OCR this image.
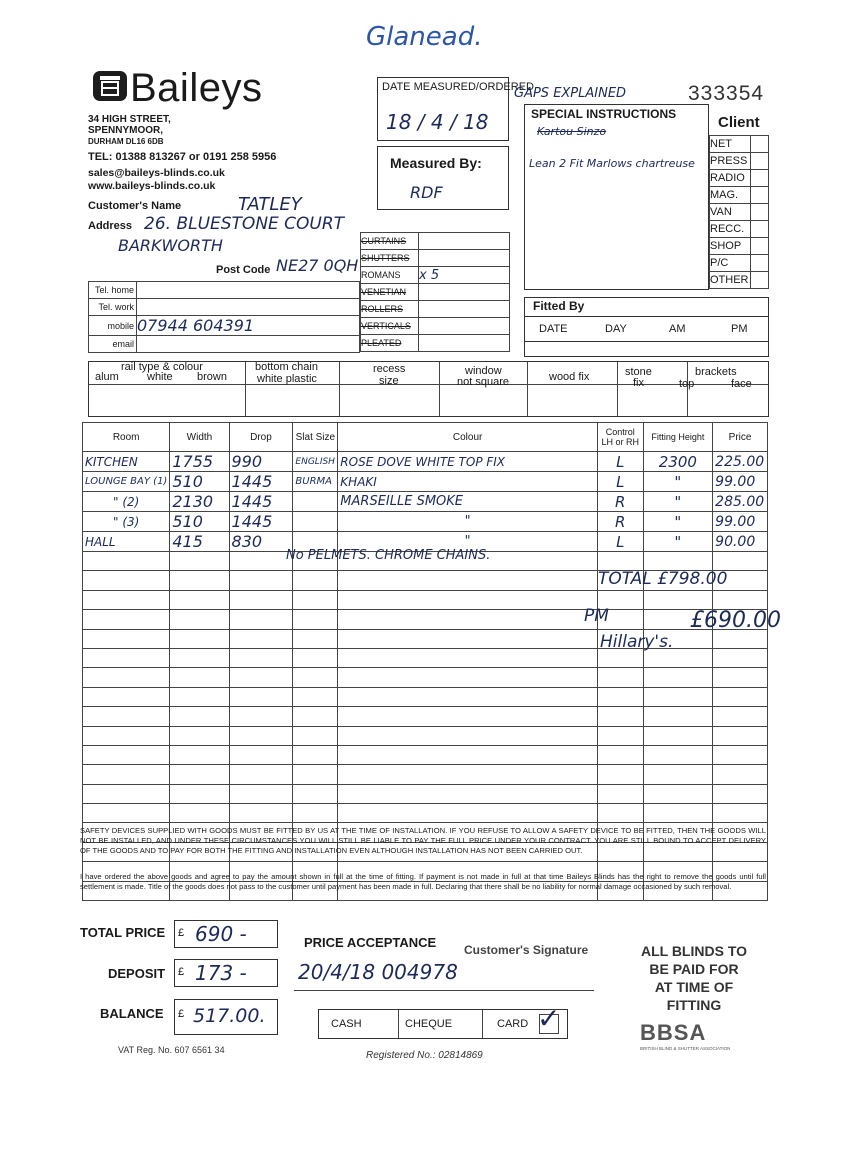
Glanead.
Baileys
34 HIGH STREET,
SPENNYMOOR,
DURHAM DL16 6DB
TEL: 01388 813267 or 0191 258 5956
sales@baileys-blinds.co.uk
www.baileys-blinds.co.uk
DATE MEASURED/ORDERED
18 / 4 / 18
Measured By:
RDF
GAPS EXPLAINED	333354
SPECIAL INSTRUCTIONS
Kartou Sinzo
Lean 2 Fit Marlows chartreuse
Client
NET	
PRESS	
RADIO	
MAG.	
VAN	
RECC.	
SHOP	
P/C	
OTHER	
Customer's Name	TATLEY
Address 26. BLUESTONE COURT
BARKWORTH
Post Code NE27 0QH
Tel. home	
Tel. work	
mobile	07944 604391
email	
CURTAINS	
SHUTTERS	
ROMANS	x 5
VENETIAN	
ROLLERS	
VERTICALS	
PLEATED	
Fitted By
DATE	DAY	AM	PM
rail type & colour
alum	white brown
bottom chain
white plastic
recess
size
window
not square	wood fix	stone
fix
brackets
top	face
Room	Width	Drop	Slat Size	Colour	Control LH or RH	Fitting Height	Price
KITCHEN	1755	990	ENGLISH	ROSE DOVE WHITE TOP FIX	L	2300	225.00
LOUNGE BAY (1)	510	1445	BURMA	KHAKI	L	"	99.00
" (2)	2130	1445		MARSEILLE SMOKE	R	"	285.00
" (3)	510	1445		"	R	"	99.00
HALL	415	830		"	L	"	90.00

No PELMETS. CHROME CHAINS.
TOTAL £798.00
PM	£690.00
Hillary's.
SAFETY DEVICES SUPPLIED WITH GOODS MUST BE FITTED BY US AT THE TIME OF INSTALLATION. IF YOU REFUSE TO ALLOW A SAFETY DEVICE TO BE FITTED, THEN THE GOODS WILL NOT BE INSTALLED, AND UNDER THESE CIRCUMSTANCES YOU WILL STILL BE LIABLE TO PAY THE FULL PRICE UNDER YOUR CONTRACT. YOU ARE STILL BOUND TO ACCEPT DELIVERY OF THE GOODS AND TO PAY FOR BOTH THE FITTING AND INSTALLATION EVEN ALTHOUGH INSTALLATION HAS NOT BEEN CARRIED OUT.
I have ordered the above goods and agree to pay the amount shown in full at the time of fitting. If payment is not made in full at that time Baileys Blinds has the right to remove the goods until full settlement is made. Title of the goods does not pass to the customer until payment has been made in full. Declaring that there shall be no liability for normal damage occasioned by such removal.
TOTAL PRICE £ 690 -
DEPOSIT £ 173 -
BALANCE £ 517.00.
PRICE ACCEPTANCE Customer's Signature
20/4/18 004978
CASH	CHEQUE	CARD ✓
ALL BLINDS TO
BE PAID FOR
AT TIME OF
FITTING
BBSA
BRITISH BLIND & SHUTTER ASSOCIATION
VAT Reg. No. 607 6561 34	Registered No.: 02814869
